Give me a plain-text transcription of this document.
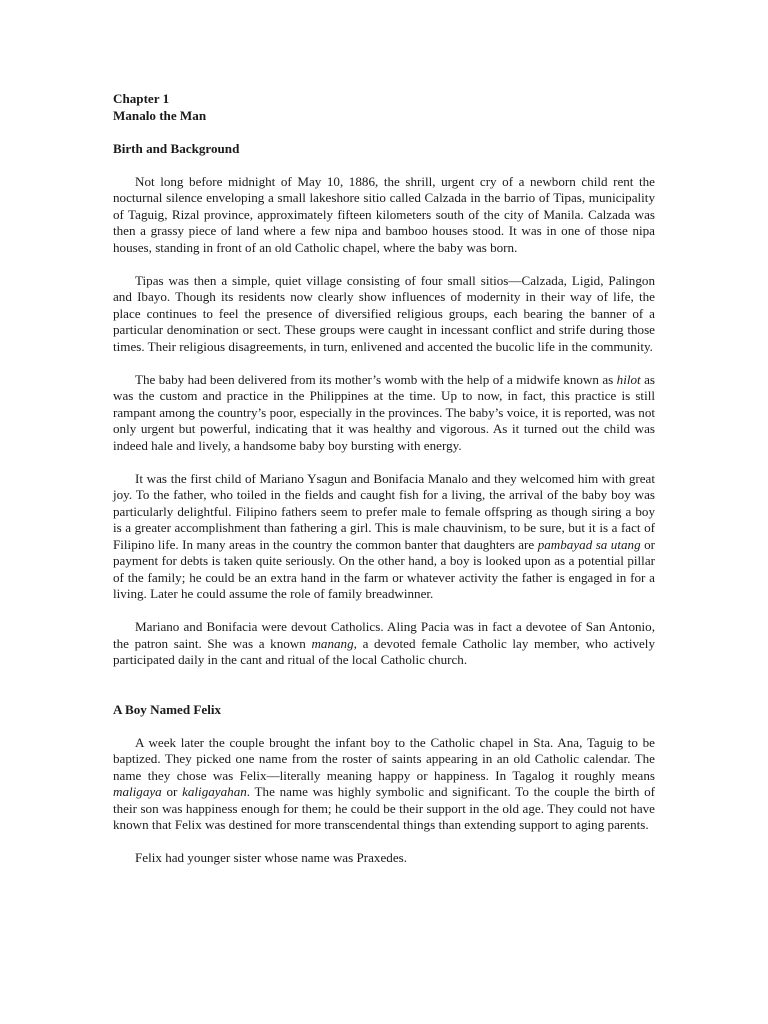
Chapter 1

Manalo the Man

Birth and Background

Not long before midnight of May 10, 1886, the shrill, urgent cry of a newborn child rent the nocturnal silence enveloping a small lakeshore sitio called Calzada in the barrio of Tipas, municipality of Taguig, Rizal province, approximately fifteen kilometers south of the city of Manila. Calzada was then a grassy piece of land where a few nipa and bamboo houses stood. It was in one of those nipa houses, standing in front of an old Catholic chapel, where the baby was born.

Tipas was then a simple, quiet village consisting of four small sitios—Calzada, Ligid, Palingon and Ibayo. Though its residents now clearly show influences of modernity in their way of life, the place continues to feel the presence of diversified religious groups, each bearing the banner of a particular denomination or sect. These groups were caught in incessant conflict and strife during those times. Their religious disagreements, in turn, enlivened and accented the bucolic life in the community.

The baby had been delivered from its mother’s womb with the help of a midwife known as hilot as was the custom and practice in the Philippines at the time. Up to now, in fact, this practice is still rampant among the country’s poor, especially in the provinces. The baby’s voice, it is reported, was not only urgent but powerful, indicating that it was healthy and vigorous. As it turned out the child was indeed hale and lively, a handsome baby boy bursting with energy.

It was the first child of Mariano Ysagun and Bonifacia Manalo and they welcomed him with great joy. To the father, who toiled in the fields and caught fish for a living, the arrival of the baby boy was particularly delightful. Filipino fathers seem to prefer male to female offspring as though siring a boy is a greater accomplishment than fathering a girl. This is male chauvinism, to be sure, but it is a fact of Filipino life. In many areas in the country the common banter that daughters are pambayad sa utang or payment for debts is taken quite seriously. On the other hand, a boy is looked upon as a potential pillar of the family; he could be an extra hand in the farm or whatever activity the father is engaged in for a living. Later he could assume the role of family breadwinner.

Mariano and Bonifacia were devout Catholics. Aling Pacia was in fact a devotee of San Antonio, the patron saint. She was a known manang, a devoted female Catholic lay member, who actively participated daily in the cant and ritual of the local Catholic church.

A Boy Named Felix

A week later the couple brought the infant boy to the Catholic chapel in Sta. Ana, Taguig to be baptized. They picked one name from the roster of saints appearing in an old Catholic calendar. The name they chose was Felix—literally meaning happy or happiness. In Tagalog it roughly means maligaya or kaligayahan. The name was highly symbolic and significant. To the couple the birth of their son was happiness enough for them; he could be their support in the old age. They could not have known that Felix was destined for more transcendental things than extending support to aging parents.

Felix had younger sister whose name was Praxedes.
